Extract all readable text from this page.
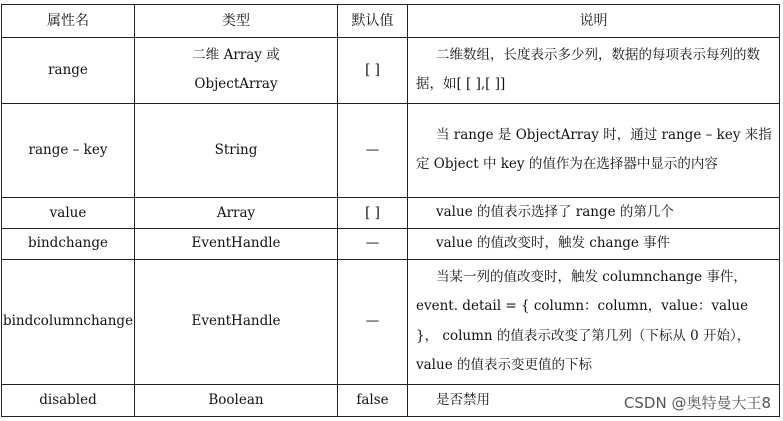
属性名	类型	默认值	说明
range	二维 Array 或 ObjectArray	[ ]	二维数组，长度表示多少列，数据的每项表示每列的数据，如[ [ ],[ ]]

range – key	String	—	当 range 是 ObjectArray 时，通过 range – key 来指定 Object 中 key 的值作为在选择器中显示的内容

value	Array	[ ]	value 的值表示选择了 range 的第几个

bindchange	EventHandle	—	value 的值改变时，触发 change 事件

bindcolumnchange	EventHandle	—	当某一列的值改变时，触发 columnchange 事件，event. detail = { column：column，value：value }， column 的值表示改变了第几列（下标从 0 开始），value 的值表示变更值的下标

disabled	Boolean	false	是否禁用	CSDN @奥特曼大王8
